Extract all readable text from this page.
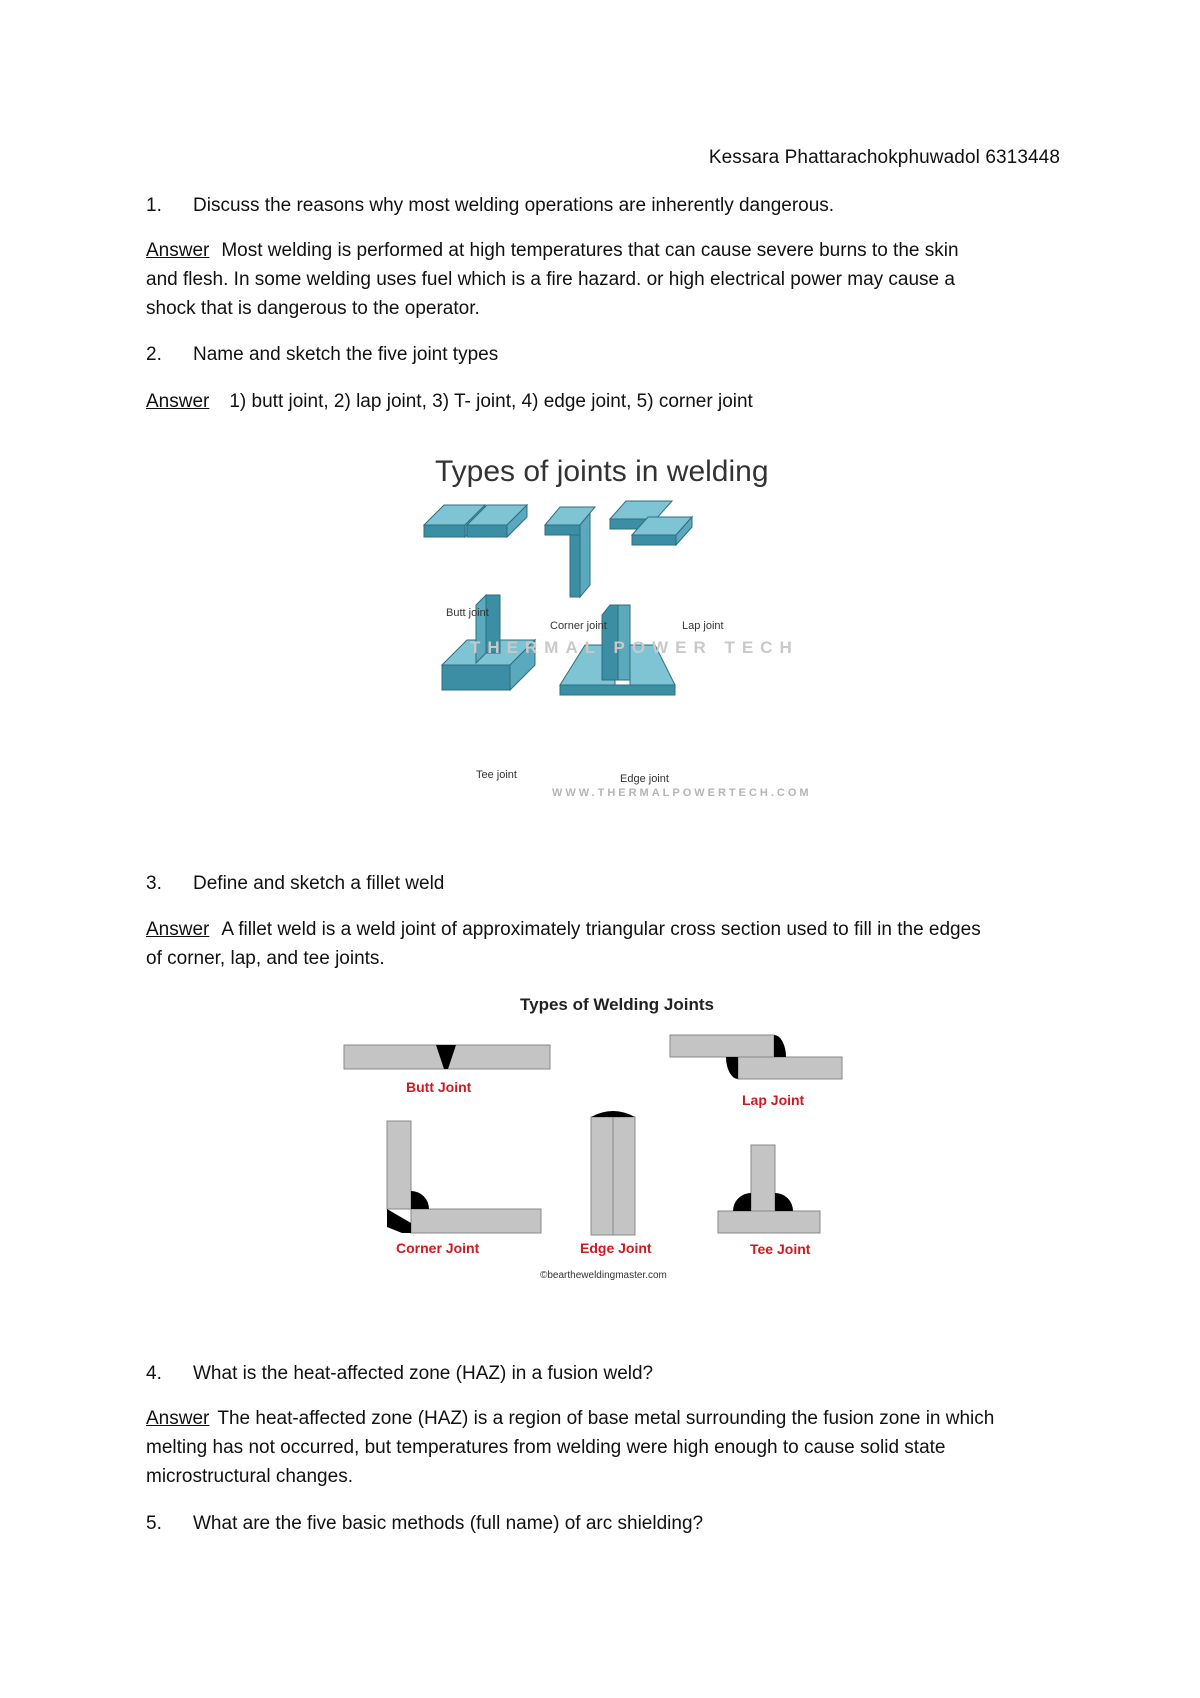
Kessara Phattarachokphuwadol 6313448
1. Discuss the reasons why most welding operations are inherently dangerous.
Answer Most welding is performed at high temperatures that can cause severe burns to the skin
and flesh. In some welding uses fuel which is a fire hazard. or high electrical power may cause a
shock that is dangerous to the operator.
2. Name and sketch the five joint types
Answer 1) butt joint, 2) lap joint, 3) T- joint, 4) edge joint, 5) corner joint
Types of joints in welding
Butt joint
Corner joint	Lap joint
THERMAL POWER TECH
Tee joint	Edge joint
WWW.THERMALPOWERTECH.COM
3. Define and sketch a fillet weld
Answer A fillet weld is a weld joint of approximately triangular cross section used to fill in the edges
of corner, lap, and tee joints.
Types of Welding Joints
Butt Joint
Lap Joint
Corner Joint	Edge Joint	Tee Joint
©beartheweldingmaster.com
4. What is the heat-affected zone (HAZ) in a fusion weld?
Answer The heat-affected zone (HAZ) is a region of base metal surrounding the fusion zone in which
melting has not occurred, but temperatures from welding were high enough to cause solid state
microstructural changes.
5. What are the five basic methods (full name) of arc shielding?
